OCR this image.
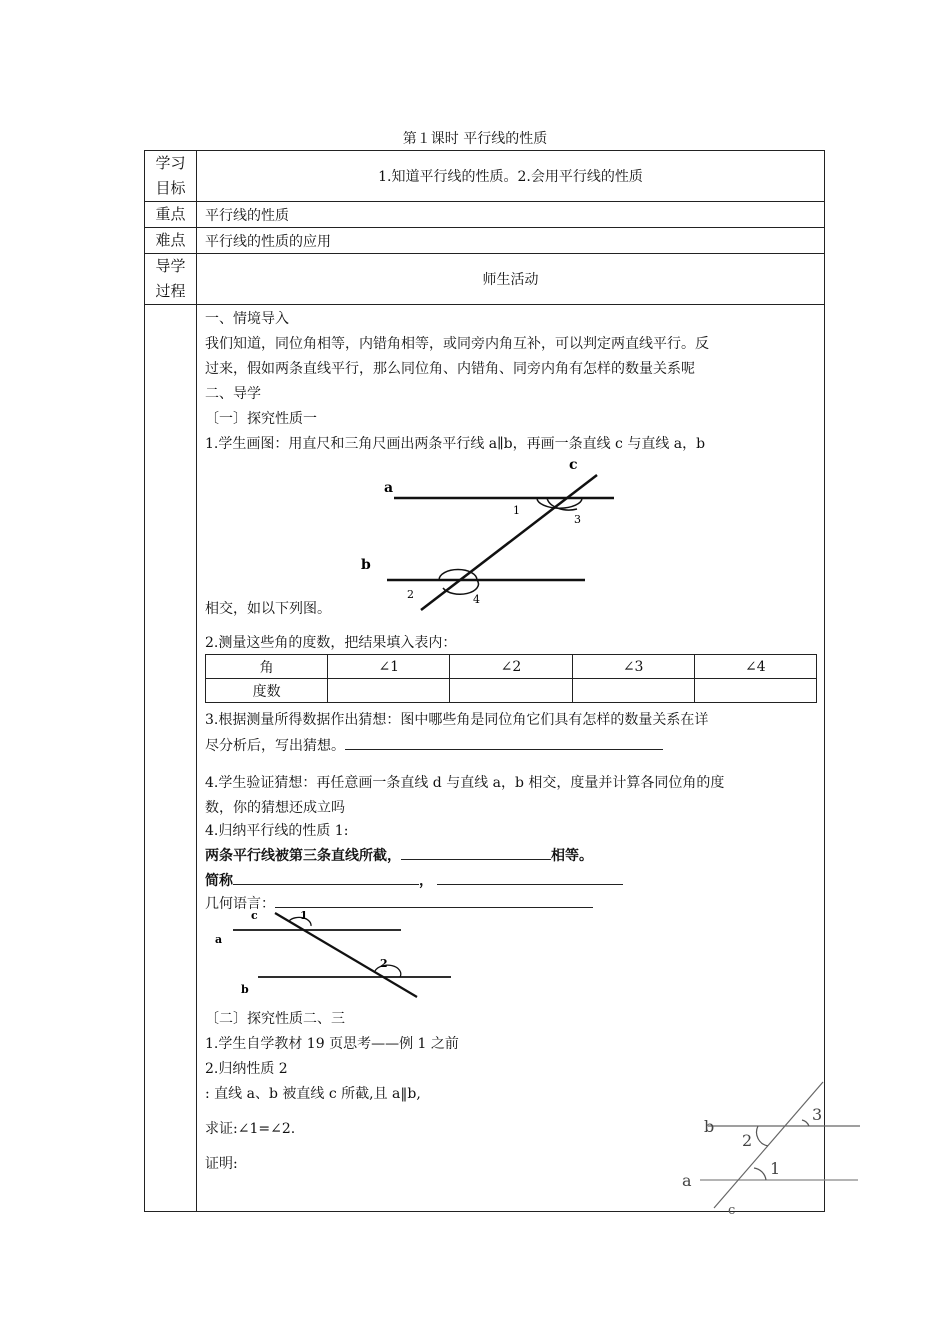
第１课时 平行线的性质
学习
目标	1.知道平行线的性质。2.会用平行线的性质
重点	平行线的性质
难点	平行线的性质的应用
导学
过程	师生活动

一、情境导入
我们知道，同位角相等，内错角相等，或同旁内角互补，可以判定两直线平行。反
过来，假如两条直线平行，那么同位角、内错角、同旁内角有怎样的数量关系呢
二、导学
〔一〕探究性质一
1.学生画图：用直尺和三角尺画出两条平行线 a∥b，再画一条直线 c 与直线 a，b
a
b
c
1
3
2	4
相交，如以下列图。
2.测量这些角的度数，把结果填入表内：
角	∠1	∠2	∠3	∠4
度数				
3.根据测量所得数据作出猜想：图中哪些角是同位角它们具有怎样的数量关系在详
尽分析后，写出猜想。
4.学生验证猜想：再任意画一条直线 d 与直线 a，b 相交，度量并计算各同位角的度
数，你的猜想还成立吗
4.归纳平行线的性质 1:
两条平行线被第三条直线所截，	相等。
简称	，
几何语言：
a
b
c	1
2
〔二〕探究性质二、三
1.学生自学教材 19 页思考——例 1 之前
2.归纳性质 2
: 直线 a、b 被直线 c 所截,且 a‖b,
求证:∠1=∠2.
证明:
b
a
c
2
1
3
